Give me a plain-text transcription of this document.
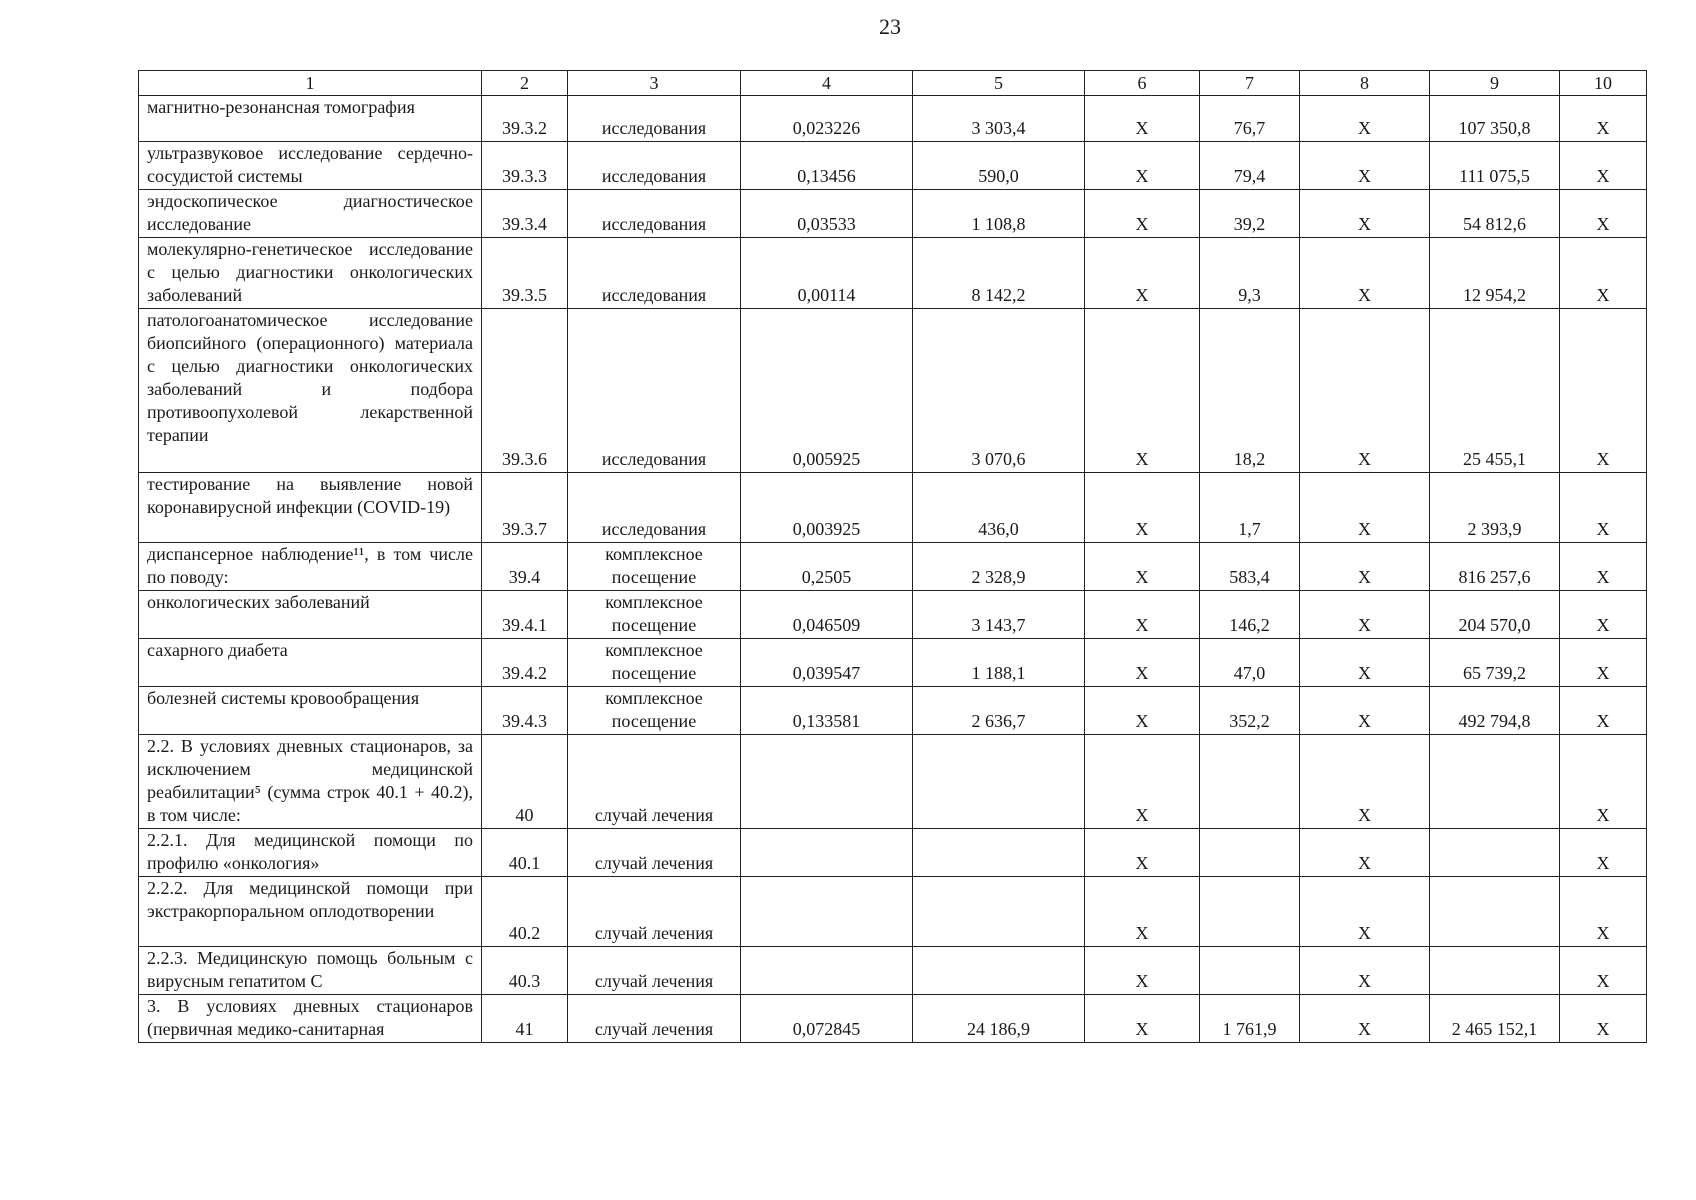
23
1	2	3	4	5	6	7	8	9	10
магнитно-резонансная томография	39.3.2	исследования	0,023226	3 303,4	Х	76,7	Х	107 350,8	Х
ультразвуковое исследование сердечно-сосудистой системы	39.3.3	исследования	0,13456	590,0	Х	79,4	Х	111 075,5	Х
эндоскопическое диагностическое исследование	39.3.4	исследования	0,03533	1 108,8	Х	39,2	Х	54 812,6	Х
молекулярно-генетическое исследование с целью диагностики онкологических заболеваний	39.3.5	исследования	0,00114	8 142,2	Х	9,3	Х	12 954,2	Х
патологоанатомическое исследование биопсийного (операционного) материала с целью диагностики онкологических заболеваний и подбора противоопухолевой лекарственной терапии	39.3.6	исследования	0,005925	3 070,6	Х	18,2	Х	25 455,1	Х
тестирование на выявление новой коронавирусной инфекции (COVID-19)	39.3.7	исследования	0,003925	436,0	Х	1,7	Х	2 393,9	Х
диспансерное наблюдение¹¹, в том числе по поводу:	39.4	комплексное посещение	0,2505	2 328,9	Х	583,4	Х	816 257,6	Х
онкологических заболеваний	39.4.1	комплексное посещение	0,046509	3 143,7	Х	146,2	Х	204 570,0	Х
сахарного диабета	39.4.2	комплексное посещение	0,039547	1 188,1	Х	47,0	Х	65 739,2	Х
болезней системы кровообращения	39.4.3	комплексное посещение	0,133581	2 636,7	Х	352,2	Х	492 794,8	Х
2.2. В условиях дневных стационаров, за исключением медицинской реабилитации⁵ (сумма строк 40.1 + 40.2), в том числе:	40	случай лечения			Х		Х		Х
2.2.1. Для медицинской помощи по профилю «онкология»	40.1	случай лечения			Х		Х		Х
2.2.2. Для медицинской помощи при экстракорпоральном оплодотворении	40.2	случай лечения			Х		Х		Х
2.2.3. Медицинскую помощь больным с вирусным гепатитом С	40.3	случай лечения			Х		Х		Х
3. В условиях дневных стационаров (первичная медико-санитарная	41	случай лечения	0,072845	24 186,9	Х	1 761,9	Х	2 465 152,1	Х
